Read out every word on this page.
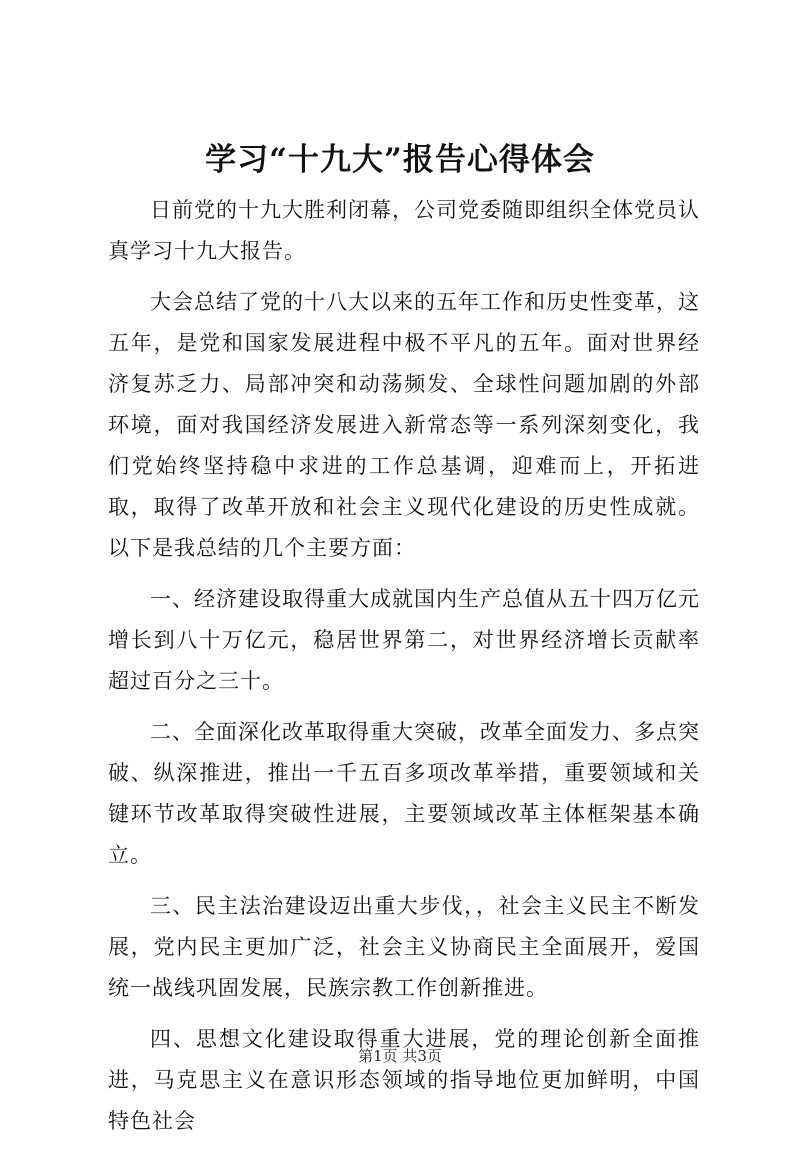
学习“十九大”报告心得体会

日前党的十九大胜利闭幕，公司党委随即组织全体党员认真学习十九大报告。

大会总结了党的十八大以来的五年工作和历史性变革，这五年，是党和国家发展进程中极不平凡的五年。面对世界经济复苏乏力、局部冲突和动荡频发、全球性问题加剧的外部环境，面对我国经济发展进入新常态等一系列深刻变化，我们党始终坚持稳中求进的工作总基调，迎难而上，开拓进取，取得了改革开放和社会主义现代化建设的历史性成就。以下是我总结的几个主要方面：

一、经济建设取得重大成就国内生产总值从五十四万亿元增长到八十万亿元，稳居世界第二，对世界经济增长贡献率超过百分之三十。

二、全面深化改革取得重大突破，改革全面发力、多点突破、纵深推进，推出一千五百多项改革举措，重要领域和关键环节改革取得突破性进展，主要领域改革主体框架基本确立。

三、民主法治建设迈出重大步伐，，社会主义民主不断发展，党内民主更加广泛，社会主义协商民主全面展开，爱国统一战线巩固发展，民族宗教工作创新推进。

四、思想文化建设取得重大进展，党的理论创新全面推进，马克思主义在意识形态领域的指导地位更加鲜明，中国特色社会

第1页 共3页
